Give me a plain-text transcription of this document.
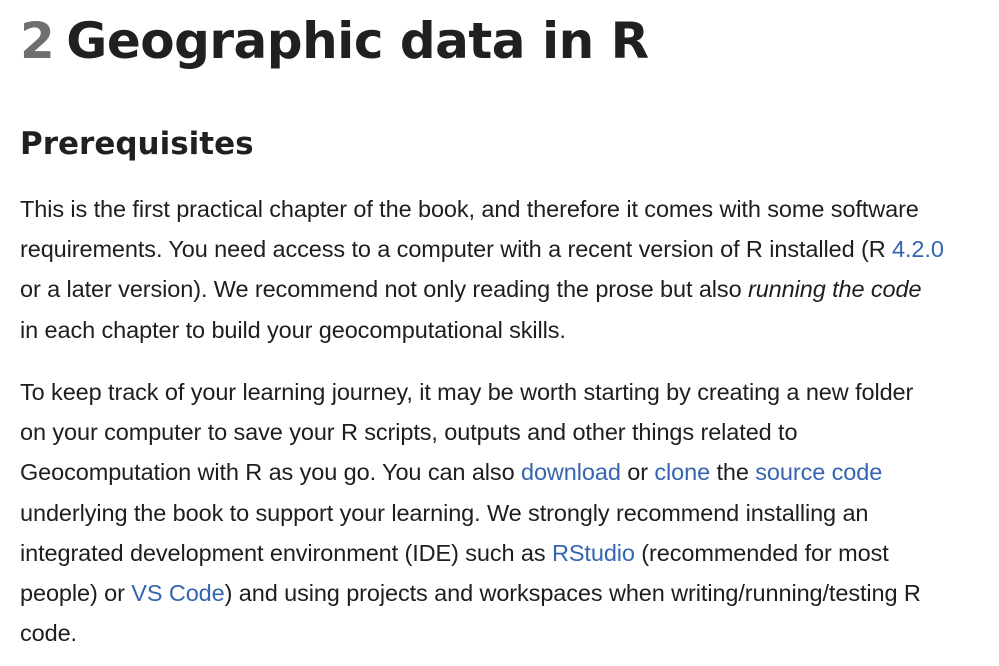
2 Geographic data in R
Prerequisites

This is the first practical chapter of the book, and therefore it comes with some software
requirements. You need access to a computer with a recent version of R installed (R 4.2.0
or a later version). We recommend not only reading the prose but also running the code
in each chapter to build your geocomputational skills.

To keep track of your learning journey, it may be worth starting by creating a new folder
on your computer to save your R scripts, outputs and other things related to
Geocomputation with R as you go. You can also download or clone the source code
underlying the book to support your learning. We strongly recommend installing an
integrated development environment (IDE) such as RStudio (recommended for most
people) or VS Code) and using projects and workspaces when writing/running/testing R
code.
